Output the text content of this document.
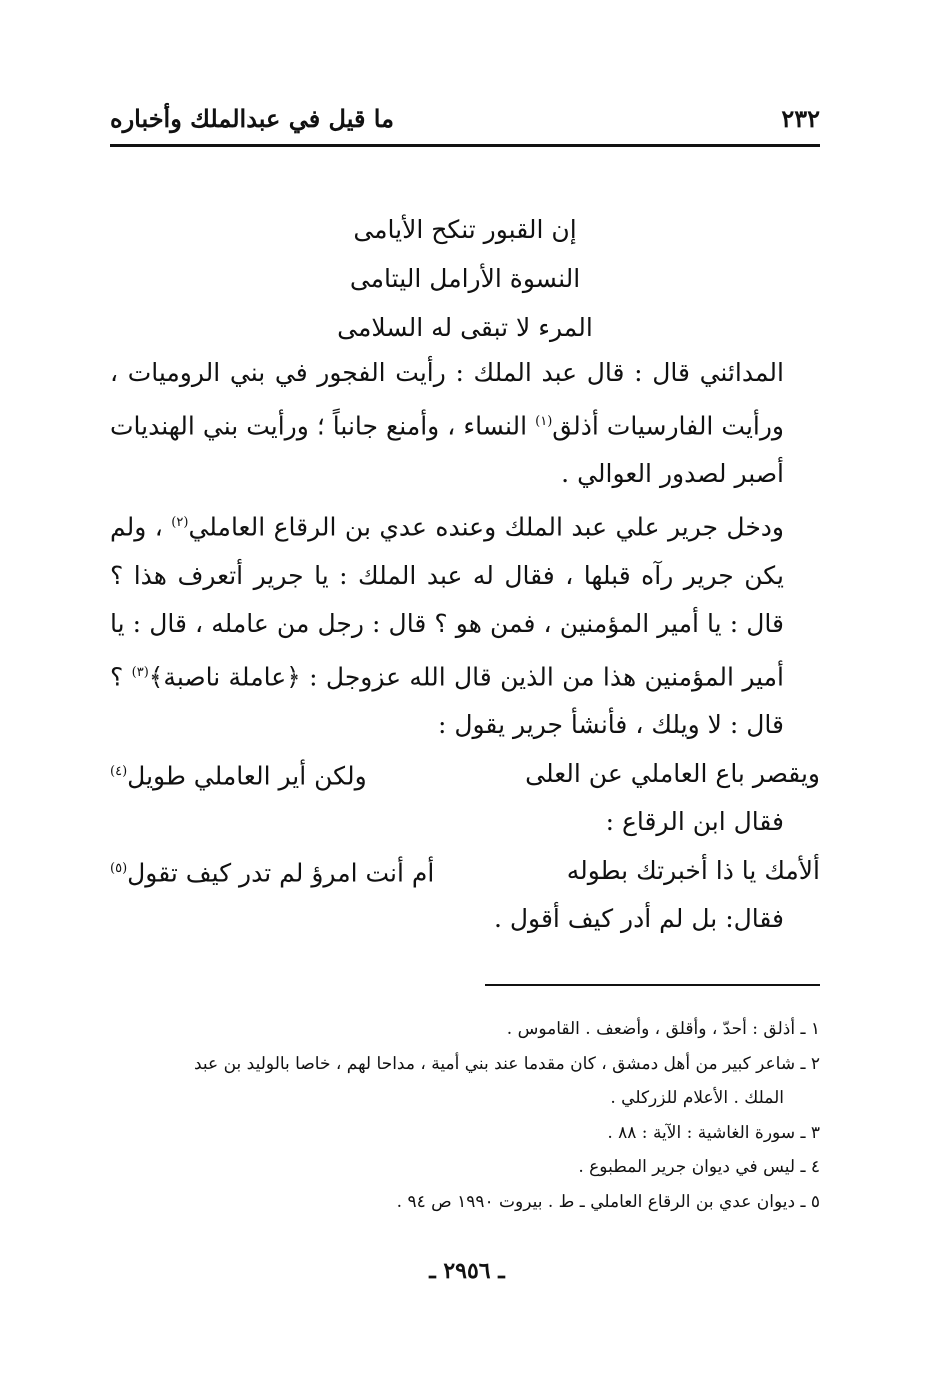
٢٣٢
ما قيل في عبدالملك وأخباره
إن القبور تنكح الأيامى
النسوة الأرامل اليتامى
المرء لا تبقى له السلامى

المدائني قال : قال عبد الملك : رأيت الفجور في بني الروميات ، ورأيت الفارسيات أذلق$^{(١)}$ النساء ، وأمنع جانباً ؛ ورأيت بني الهنديات أصبر لصدور العوالي .

ودخل جرير علي عبد الملك وعنده عدي بن الرقاع العاملي$^{(٢)}$ ، ولم يكن جرير رآه قبلها ، فقال له عبد الملك : يا جرير أتعرف هذا ؟ قال : يا أمير المؤمنين ، فمن هو ؟ قال : رجل من عامله ، قال : يا أمير المؤمنين هذا من الذين قال الله عزوجل : ﴿عاملة ناصبة﴾$^{(٣)}$ ؟ قال : لا ويلك ، فأنشأ جرير يقول :

ويقصر باع العاملي عن العلى
ولكن أير العاملي طويل$^{(٤)}$

فقال ابن الرقاع :

ألأمك يا ذا أخبرتك بطوله
أم أنت امرؤ لم تدر كيف تقول$^{(٥)}$

فقال: بل لم أدر كيف أقول .

١ ـ أذلق : أحدّ ، وأقلق ، وأضعف . القاموس .
٢ ـ شاعر كبير من أهل دمشق ، كان مقدما عند بني أمية ، مداحا لهم ، خاصا بالوليد بن عبد
الملك . الأعلام للزركلي .
٣ ـ سورة الغاشية : الآية : ٨٨ .
٤ ـ ليس في ديوان جرير المطبوع .
٥ ـ ديوان عدي بن الرقاع العاملي ـ ط . بيروت ١٩٩٠ ص ٩٤ .
ـ ٢٩٥٦ ـ
